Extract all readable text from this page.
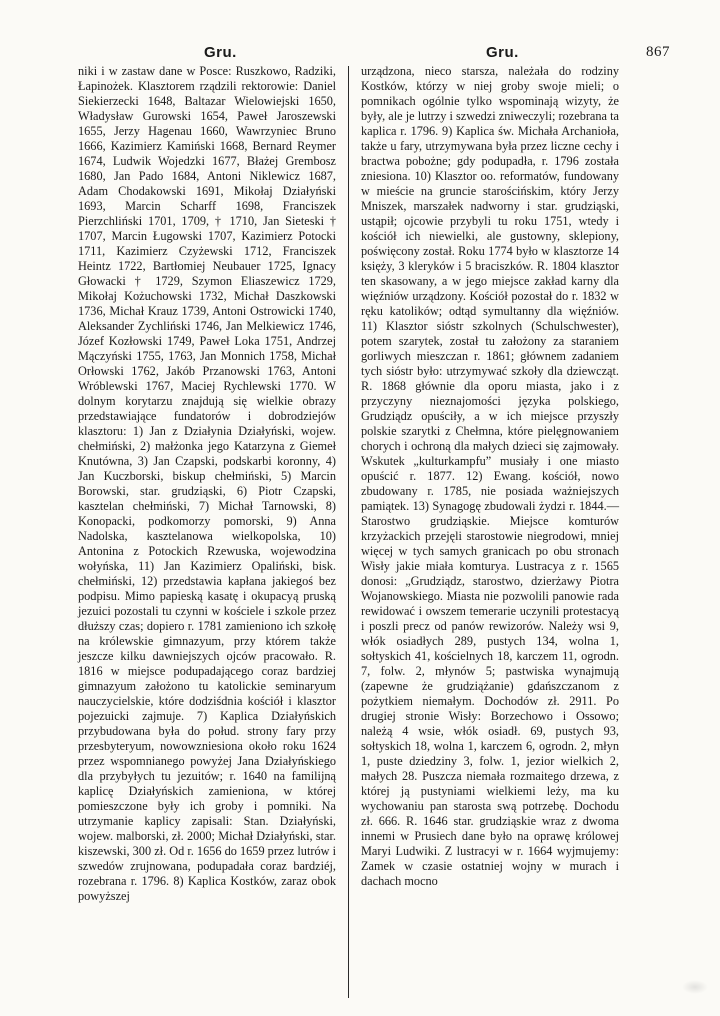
Gru.	Gru.	867

niki i w zastaw dane w Posce: Ruszkowo, Radziki, Łapinożek. Klasztorem rządzili rektorowie: Daniel Siekierzecki 1648, Baltazar Wielowiejski 1650, Władysław Gurowski 1654, Paweł Jaroszewski 1655, Jerzy Hagenau 1660, Wawrzyniec Bruno 1666, Kazimierz Kamiński 1668, Bernard Reymer 1674, Ludwik Wojedzki 1677, Błażej Grembosz 1680, Jan Pado 1684, Antoni Niklewicz 1687, Adam Chodakowski 1691, Mikołaj Działyński 1693, Marcin Scharff 1698, Franciszek Pierzchliński 1701, 1709, † 1710, Jan Sieteski † 1707, Marcin Ługowski 1707, Kazimierz Potocki 1711, Kazimierz Czyżewski 1712, Franciszek Heintz 1722, Bartłomiej Neubauer 1725, Ignacy Głowacki † 1729, Szymon Eliaszewicz 1729, Mikołaj Kożuchowski 1732, Michał Daszkowski 1736, Michał Krauz 1739, Antoni Ostrowicki 1740, Aleksander Zychliński 1746, Jan Melkiewicz 1746, Józef Kozłowski 1749, Paweł Loka 1751, Andrzej Mączyński 1755, 1763, Jan Monnich 1758, Michał Orłowski 1762, Jakób Przanowski 1763, Antoni Wróblewski 1767, Maciej Rychlewski 1770. W dolnym korytarzu znajdują się wielkie obrazy przedstawiające fundatorów i dobrodziejów klasztoru: 1) Jan z Działynia Działyński, wojew. chełmiński, 2) małżonka jego Katarzyna z Giemeł Knutówna, 3) Jan Czapski, podskarbi koronny, 4) Jan Kuczborski, biskup chełmiński, 5) Marcin Borowski, star. grudziąski, 6) Piotr Czapski, kasztelan chełmiński, 7) Michał Tarnowski, 8) Konopacki, podkomorzy pomorski, 9) Anna Nadolska, kasztelanowa wielkopolska, 10) Antonina z Potockich Rzewuska, wojewodzina wołyńska, 11) Jan Kazimierz Opaliński, bisk. chełmiński, 12) przedstawia kapłana jakiegoś bez podpisu. Mimo papieską kasatę i okupacyą pruską jezuici pozostali tu czynni w kościele i szkole przez dłuższy czas; dopiero r. 1781 zamieniono ich szkołę na królewskie gimnazyum, przy którem także jeszcze kilku dawniejszych ojców pracowało. R. 1816 w miejsce podupadającego coraz bardziej gimnazyum założono tu katolickie seminaryum nauczycielskie, które dodziśdnia kościół i klasztor pojezuicki zajmuje. 7) Kaplica Działyńskich przybudowana była do połud. strony fary przy przesbyteryum, nowowzniesiona około roku 1624 przez wspomnianego powyżej Jana Działyńskiego dla przybyłych tu jezuitów; r. 1640 na familijną kaplicę Działyńskich zamieniona, w której pomieszczone były ich groby i pomniki. Na utrzymanie kaplicy zapisali: Stan. Działyński, wojew. malborski, zł. 2000; Michał Działyński, star. kiszewski, 300 zł. Od r. 1656 do 1659 przez lutrów i szwedów zrujnowana, podupadała coraz bardziéj, rozebrana r. 1796. 8) Kaplica Kostków, zaraz obok powyższej

urządzona, nieco starsza, należała do rodziny Kostków, którzy w niej groby swoje mieli; o pomnikach ogólnie tylko wspominają wizyty, że były, ale je lutrzy i szwedzi zniweczyli; rozebrana ta kaplica r. 1796. 9) Kaplica św. Michała Archanioła, także u fary, utrzymywana była przez liczne cechy i bractwa pobożne; gdy podupadła, r. 1796 została zniesiona. 10) Klasztor oo. reformatów, fundowany w mieście na gruncie starościńskim, który Jerzy Mniszek, marszałek nadworny i star. grudziąski, ustąpił; ojcowie przybyli tu roku 1751, wtedy i kościół ich niewielki, ale gustowny, sklepiony, poświęcony został. Roku 1774 było w klasztorze 14 księży, 3 kleryków i 5 braciszków. R. 1804 klasztor ten skasowany, a w jego miejsce zakład karny dla więźniów urządzony. Kościół pozostał do r. 1832 w ręku katolików; odtąd symultanny dla więźniów. 11) Klasztor sióstr szkolnych (Schulschwester), potem szarytek, został tu założony za staraniem gorliwych mieszczan r. 1861; głównem zadaniem tych sióstr było: utrzymywać szkoły dla dziewcząt. R. 1868 głównie dla oporu miasta, jako i z przyczyny nieznajomości języka polskiego, Grudziądz opuściły, a w ich miejsce przyszły polskie szarytki z Chełmna, które pielęgnowaniem chorych i ochroną dla małych dzieci się zajmowały. Wskutek „kulturkampfu” musiały i one miasto opuścić r. 1877. 12) Ewang. kościół, nowo zbudowany r. 1785, nie posiada ważniejszych pamiątek. 13) Synagogę zbudowali żydzi r. 1844.—Starostwo grudziąskie. Miejsce komturów krzyżackich przejęli starostowie niegrodowi, mniej więcej w tych samych granicach po obu stronach Wisły jakie miała komturya. Lustracya z r. 1565 donosi: „Grudziądz, starostwo, dzierżawy Piotra Wojanowskiego. Miasta nie pozwolili panowie rada rewidować i owszem temerarie uczynili protestacyą i poszli precz od panów rewizorów. Należy wsi 9, włók osiadłych 289, pustych 134, wolna 1, sołtyskich 41, kościelnych 18, karczem 11, ogrodn. 7, folw. 2, młynów 5; pastwiska wynajmują (zapewne że grudziążanie) gdańszczanom z pożytkiem niemałym. Dochodów zł. 2911. Po drugiej stronie Wisły: Borzechowo i Ossowo; należą 4 wsie, włók osiadł. 69, pustych 93, sołtyskich 18, wolna 1, karczem 6, ogrodn. 2, młyn 1, puste dziedziny 3, folw. 1, jezior wielkich 2, małych 28. Puszcza niemała rozmaitego drzewa, z której ją pustyniami wielkiemi leży, ma ku wychowaniu pan starosta swą potrzebę. Dochodu zł. 666. R. 1646 star. grudziąskie wraz z dwoma innemi w Prusiech dane było na oprawę królowej Maryi Ludwiki. Z lustracyi w r. 1664 wyjmujemy: Zamek w czasie ostatniej wojny w murach i dachach mocno
